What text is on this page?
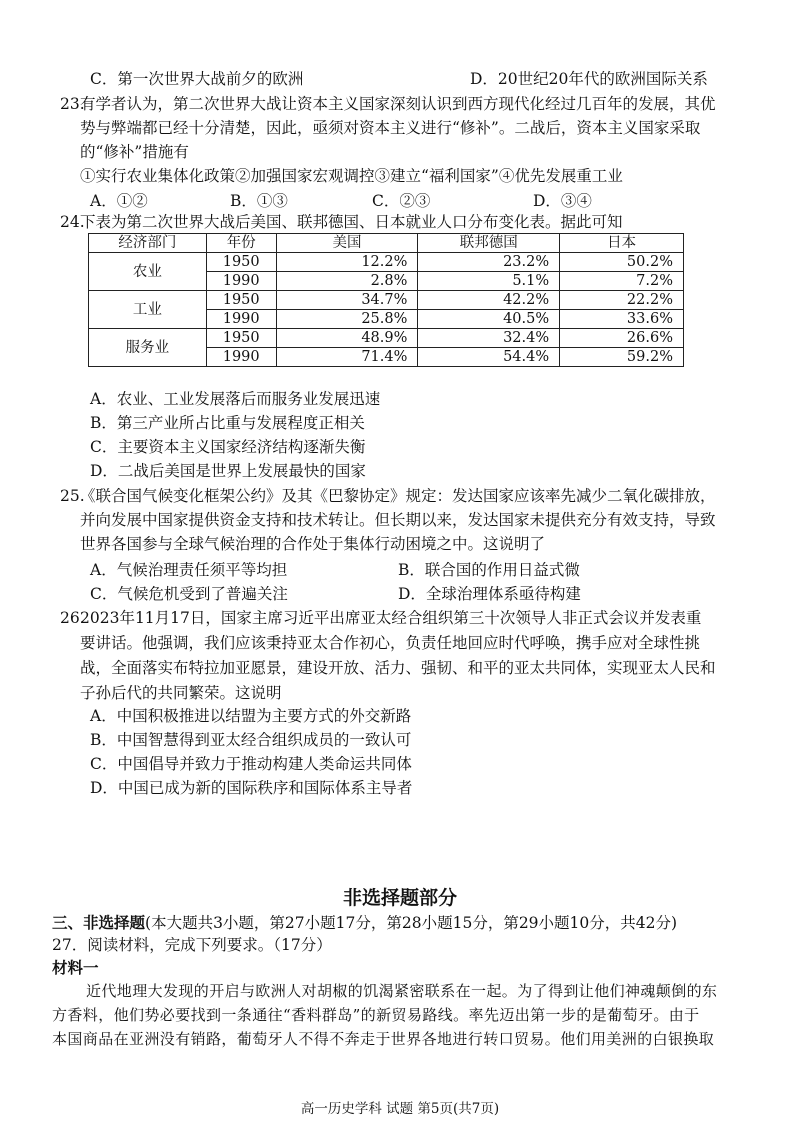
C．第一次世界大战前夕的欧洲	D．20世纪20年代的欧洲国际关系
23.
有学者认为，第二次世界大战让资本主义国家深刻认识到西方现代化经过几百年的发展，其优
势与弊端都已经十分清楚，因此，亟须对资本主义进行“修补”。二战后，资本主义国家采取
的“修补”措施有
①实行农业集体化政策②加强国家宏观调控③建立“福利国家”④优先发展重工业
A．①②	B．①③	C．②③	D．③④
24.
下表为第二次世界大战后美国、联邦德国、日本就业人口分布变化表。据此可知
经济部门	年份	美国	联邦德国	日本
农业	1950	12.2%	23.2%	50.2%
	1990	2.8%	5.1%	7.2%
工业	1950	34.7%	42.2%	22.2%
	1990	25.8%	40.5%	33.6%
服务业	1950	48.9%	32.4%	26.6%
	1990	71.4%	54.4%	59.2%
A．农业、工业发展落后而服务业发展迅速
B．第三产业所占比重与发展程度正相关
C．主要资本主义国家经济结构逐渐失衡
D．二战后美国是世界上发展最快的国家
25.
《联合国气候变化框架公约》及其《巴黎协定》规定：发达国家应该率先减少二氧化碳排放，
并向发展中国家提供资金支持和技术转让。但长期以来，发达国家未提供充分有效支持，导致
世界各国参与全球气候治理的合作处于集体行动困境之中。这说明了
A．气候治理责任须平等均担	B．联合国的作用日益式微
C．气候危机受到了普遍关注	D．全球治理体系亟待构建
26.
2023年11月17日，国家主席习近平出席亚太经合组织第三十次领导人非正式会议并发表重
要讲话。他强调，我们应该秉持亚太合作初心，负责任地回应时代呼唤，携手应对全球性挑
战，全面落实布特拉加亚愿景，建设开放、活力、强韧、和平的亚太共同体，实现亚太人民和
子孙后代的共同繁荣。这说明
A．中国积极推进以结盟为主要方式的外交新路
B．中国智慧得到亚太经合组织成员的一致认可
C．中国倡导并致力于推动构建人类命运共同体
D．中国已成为新的国际秩序和国际体系主导者
非选择题部分
三、非选择题(本大题共3小题，第27小题17分，第28小题15分，第29小题10分，共42分)
27．阅读材料，完成下列要求。（17分）
材料一
近代地理大发现的开启与欧洲人对胡椒的饥渴紧密联系在一起。为了得到让他们神魂颠倒的东
方香料，他们势必要找到一条通往“香料群岛”的新贸易路线。率先迈出第一步的是葡萄牙。由于
本国商品在亚洲没有销路，葡萄牙人不得不奔走于世界各地进行转口贸易。他们用美洲的白银换取
高一历史学科 试题 第5页(共7页)
